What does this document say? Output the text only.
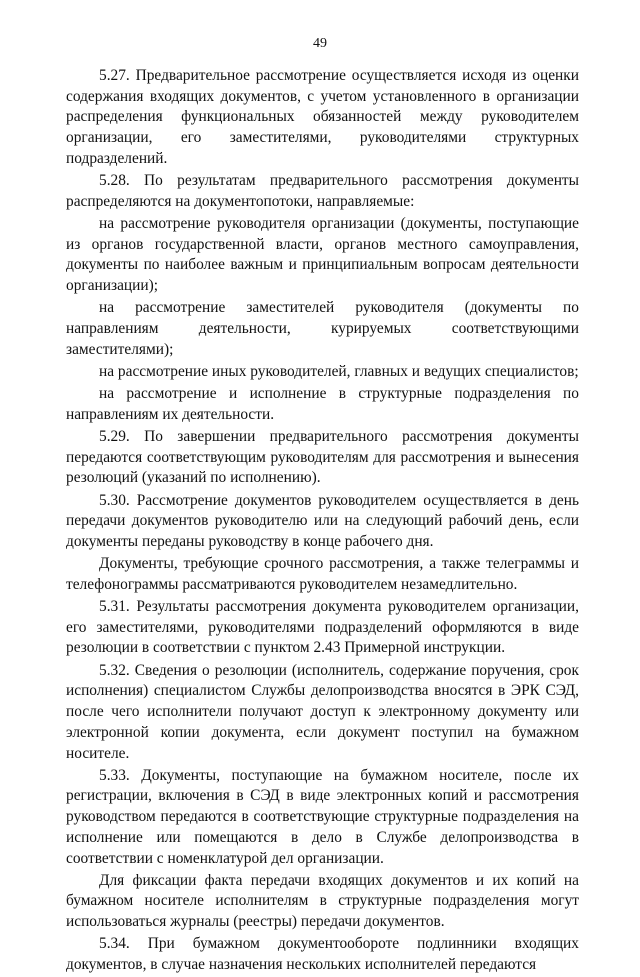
49

5.27. Предварительное рассмотрение осуществляется исходя из оценки содержания входящих документов, с учетом установленного в организации распределения функциональных обязанностей между руководителем организации, его заместителями, руководителями структурных подразделений.

5.28. По результатам предварительного рассмотрения документы распределяются на документопотоки, направляемые:

на рассмотрение руководителя организации (документы, поступающие из органов государственной власти, органов местного самоуправления, документы по наиболее важным и принципиальным вопросам деятельности организации);

на рассмотрение заместителей руководителя (документы по направлениям деятельности, курируемых соответствующими заместителями);

на рассмотрение иных руководителей, главных и ведущих специалистов;

на рассмотрение и исполнение в структурные подразделения по направлениям их деятельности.

5.29. По завершении предварительного рассмотрения документы передаются соответствующим руководителям для рассмотрения и вынесения резолюций (указаний по исполнению).

5.30. Рассмотрение документов руководителем осуществляется в день передачи документов руководителю или на следующий рабочий день, если документы переданы руководству в конце рабочего дня.

Документы, требующие срочного рассмотрения, а также телеграммы и телефонограммы рассматриваются руководителем незамедлительно.

5.31. Результаты рассмотрения документа руководителем организации, его заместителями, руководителями подразделений оформляются в виде резолюции в соответствии с пунктом 2.43 Примерной инструкции.

5.32. Сведения о резолюции (исполнитель, содержание поручения, срок исполнения) специалистом Службы делопроизводства вносятся в ЭРК СЭД, после чего исполнители получают доступ к электронному документу или электронной копии документа, если документ поступил на бумажном носителе.

5.33. Документы, поступающие на бумажном носителе, после их регистрации, включения в СЭД в виде электронных копий и рассмотрения руководством передаются в соответствующие структурные подразделения на исполнение или помещаются в дело в Службе делопроизводства в соответствии с номенклатурой дел организации.

Для фиксации факта передачи входящих документов и их копий на бумажном носителе исполнителям в структурные подразделения могут использоваться журналы (реестры) передачи документов.

5.34. При бумажном документообороте подлинники входящих документов, в случае назначения нескольких исполнителей передаются
